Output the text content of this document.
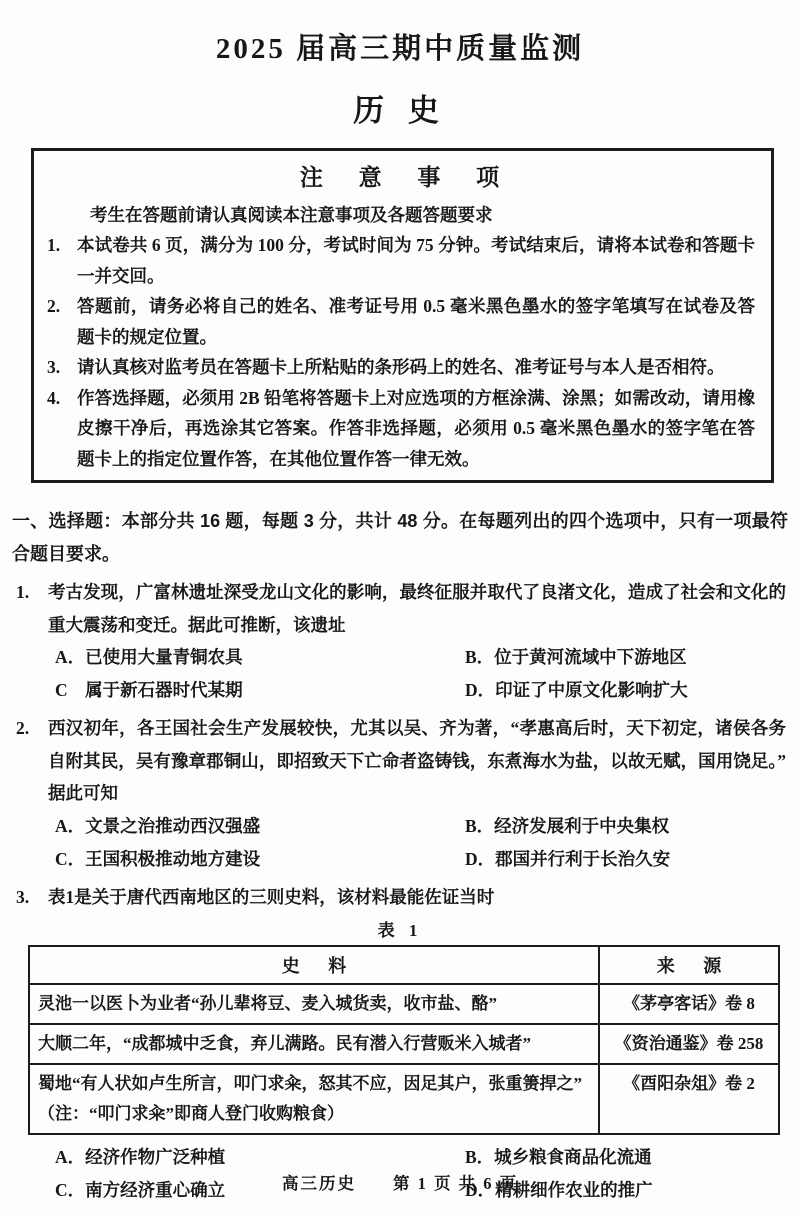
2025 届高三期中质量监测
历 史
注 意 事 项
考生在答题前请认真阅读本注意事项及各题答题要求
1. 本试卷共 6 页，满分为 100 分，考试时间为 75 分钟。考试结束后，请将本试卷和答题卡一并交回。
2. 答题前，请务必将自己的姓名、准考证号用 0.5 毫米黑色墨水的签字笔填写在试卷及答题卡的规定位置。
3. 请认真核对监考员在答题卡上所粘贴的条形码上的姓名、准考证号与本人是否相符。
4. 作答选择题，必须用 2B 铅笔将答题卡上对应选项的方框涂满、涂黑；如需改动，请用橡皮擦干净后，再选涂其它答案。作答非选择题，必须用 0.5 毫米黑色墨水的签字笔在答题卡上的指定位置作答，在其他位置作答一律无效。
一、选择题：本部分共 16 题，每题 3 分，共计 48 分。在每题列出的四个选项中，只有一项最符合题目要求。
1. 考古发现，广富林遗址深受龙山文化的影响，最终征服并取代了良渚文化，造成了社会和文化的重大震荡和变迁。据此可推断，该遗址
A．已使用大量青铜农具	B．位于黄河流域中下游地区
C　属于新石器时代某期	D．印证了中原文化影响扩大
2. 西汉初年，各王国社会生产发展较快，尤其以吴、齐为著，“孝惠高后时，天下初定，诸侯各务自附其民，吴有豫章郡铜山，即招致天下亡命者盗铸钱，东煮海水为盐，以故无赋，国用饶足。”据此可知
A．文景之治推动西汉强盛	B．经济发展利于中央集权
C．王国积极推动地方建设	D．郡国并行利于长治久安
3. 表1是关于唐代西南地区的三则史料，该材料最能佐证当时
表 1
史 料	来 源
灵池一以医卜为业者“孙儿辈将豆、麦入城货卖，收市盐、酪”	《茅亭客话》卷 8
大顺二年，“成都城中乏食，弃儿满路。民有潜入行营贩米入城者”	《资治通鉴》卷 258
蜀地“有人状如卢生所言，叩门求籴，怒其不应，因足其户，张重箦捍之”（注：“叩门求籴”即商人登门收购粮食）	《酉阳杂俎》卷 2
A．经济作物广泛种植	B．城乡粮食商品化流通
C．南方经济重心确立	D．精耕细作农业的推广
高三历史　　第 1 页 共 6 页
